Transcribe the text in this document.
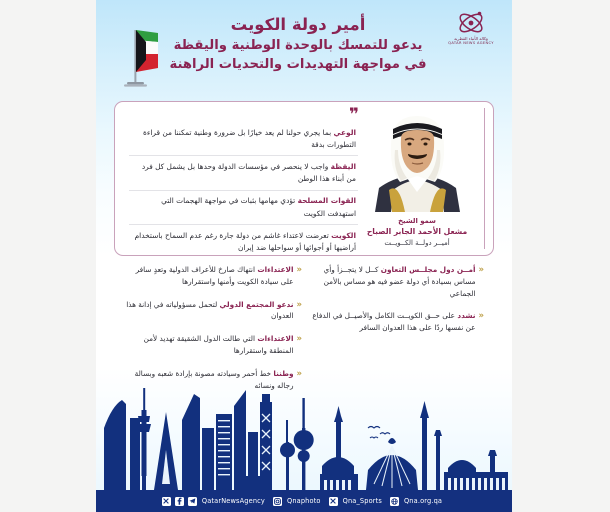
وكالة الأنباء القطرية
QATAR NEWS AGENCY
أمير دولة الكويت
يدعو للتمسك بالوحدة الوطنية واليقظة
في مواجهة التهديدات والتحديات الراهنة
سمو الشيخ
مشعل الأحمد الجابر الصباح
أميــر دولــة الكــويــت
❞
الوعي بما يجري حولنا لم يعد خيارًا بل ضرورة وطنية تمكننا من قراءة التطورات بدقة
اليقظة واجب لا ينحصر في مؤسسات الدولة وحدها بل يشمل كل فرد من أبناء هذا الوطن
القوات المسلحة تؤدي مهامها بثبات في مواجهة الهجمات التي استهدفت الكويت
الكويت تعرضت لاعتداء غاشم من دولة جارة رغم عدم السماح باستخدام أراضيها أو أجوائها أو سواحلها ضد إيران
«
الاعتداءات انتهاك صارخ للأعراف الدولية وتعدٍ سافر على سيادة الكويت وأمنها واستقرارها
«
ندعو المجتمع الدولي لتحمل مسؤولياته في إدانة هذا العدوان
«
الاعتداءات التي طالت الدول الشقيقة تهديد لأمن المنطقة واستقرارها
«
وطننا خط أحمر وسيادته مصونة بإرادة شعبه وبسالة رجاله ونسائه
«
أمــن دول مجلــس التعاون كــل لا يتجــزأ وأي مساس بسيادة أي دولة عضو فيه هو مساس بالأمن الجماعي
«
نشدد على حــق الكويــت الكامل والأصيــل في الدفاع عن نفسها ردًا على هذا العدوان السافر
QatarNewsAgency	Qnaphoto	Qna_Sports	Qna.org.qa
